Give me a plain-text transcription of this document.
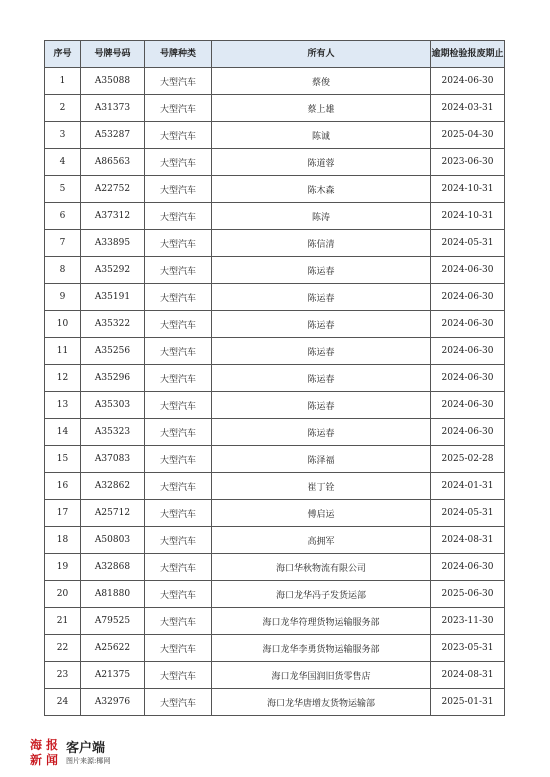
序号	号牌号码	号牌种类	所有人	逾期检验报废期止
1	A35088	大型汽车	蔡俊	2024-06-30
2	A31373	大型汽车	蔡上雄	2024-03-31
3	A53287	大型汽车	陈诚	2025-04-30
4	A86563	大型汽车	陈道蓉	2023-06-30
5	A22752	大型汽车	陈木森	2024-10-31
6	A37312	大型汽车	陈涛	2024-10-31
7	A33895	大型汽车	陈信清	2024-05-31
8	A35292	大型汽车	陈运春	2024-06-30
9	A35191	大型汽车	陈运春	2024-06-30
10	A35322	大型汽车	陈运春	2024-06-30
11	A35256	大型汽车	陈运春	2024-06-30
12	A35296	大型汽车	陈运春	2024-06-30
13	A35303	大型汽车	陈运春	2024-06-30
14	A35323	大型汽车	陈运春	2024-06-30
15	A37083	大型汽车	陈泽福	2025-02-28
16	A32862	大型汽车	崔丁铨	2024-01-31
17	A25712	大型汽车	傅启运	2024-05-31
18	A50803	大型汽车	高拥军	2024-08-31
19	A32868	大型汽车	海口华秋物流有限公司	2024-06-30
20	A81880	大型汽车	海口龙华冯子发货运部	2025-06-30
21	A79525	大型汽车	海口龙华符理货物运输服务部	2023-11-30
22	A25622	大型汽车	海口龙华李勇货物运输服务部	2023-05-31
23	A21375	大型汽车	海口龙华国润旧货零售店	2024-08-31
24	A32976	大型汽车	海口龙华唐增友货物运输部	2025-01-31
海 报
新 闻
客户端
图片来源:椰网
